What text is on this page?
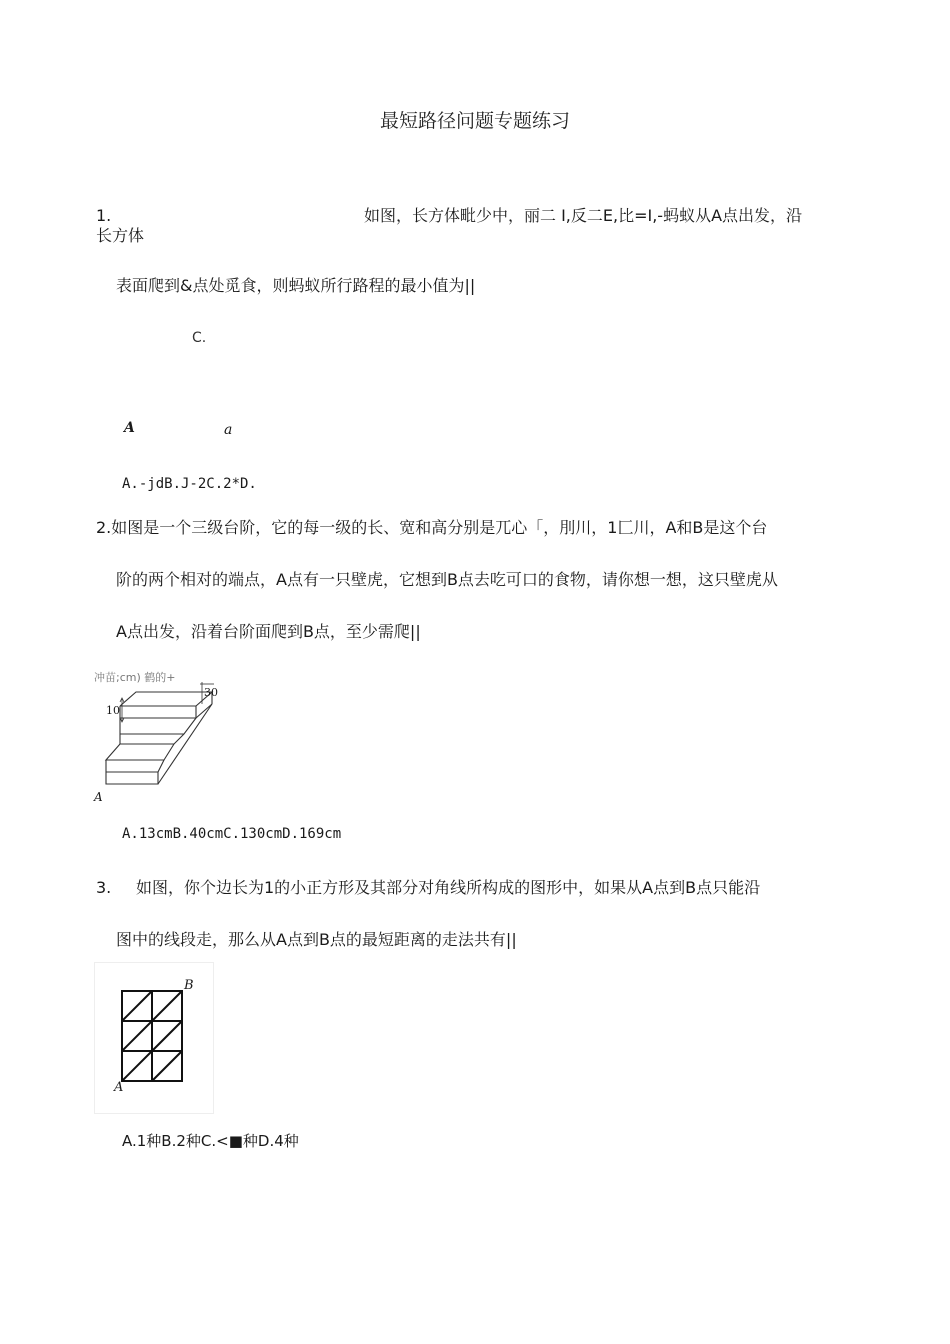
最短路径问题专题练习
1.	如图，长方体毗少中，丽二 I,反二E,比=I,-蚂蚁从A点出发，沿
长方体
表面爬到&点处觅食，则蚂蚁所行路程的最小值为||
C.
A	a
A.-jdB.J-2C.2*D.
2.如图是一个三级台阶，它的每一级的长、宽和高分别是兀心「，刖川，1匚川，A和B是这个台
阶的两个相对的端点，A点有一只壁虎，它想到B点去吃可口的食物，请你想一想，这只壁虎从
A点出发，沿着台阶面爬到B点，至少需爬||
冲苗;cm) 鹤的+
10
30
A
A.13cmB.40cmC.130cmD.169cm
3. 如图，你个边长为1的小正方形及其部分对角线所构成的图形中，如果从A点到B点只能沿
图中的线段走，那么从A点到B点的最短距离的走法共有||
B
A
A.1种B.2种C.<■种D.4种
